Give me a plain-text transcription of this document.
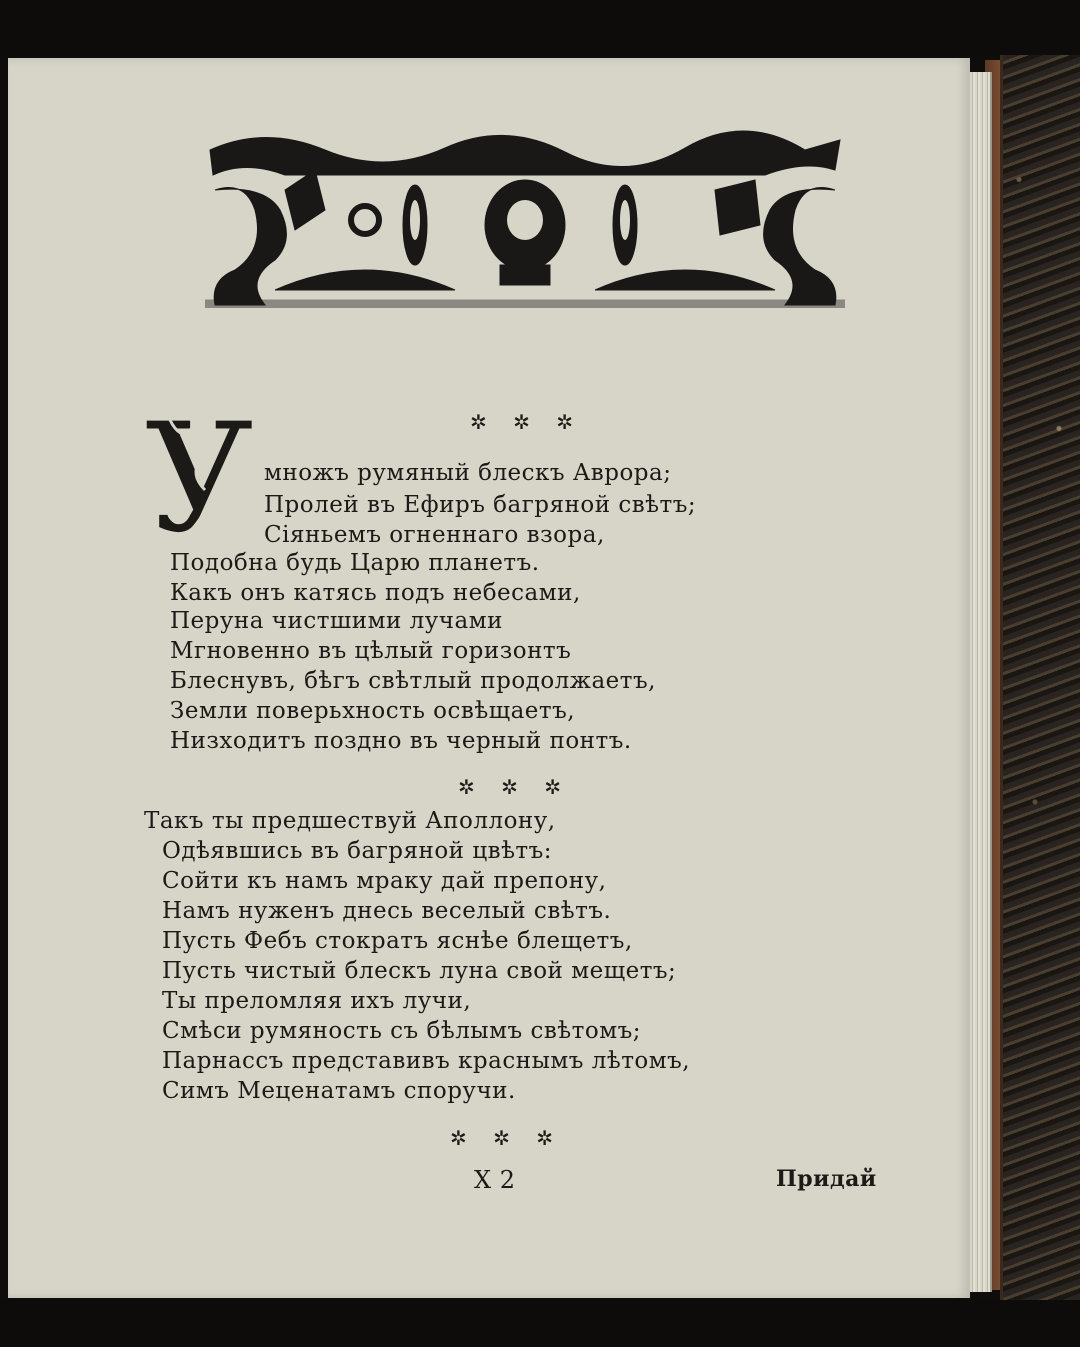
✲ ✲ ✲
У множъ румяный блескъ Аврора;
Пролей въ Ефиръ багряной свѣтъ;
Сіяньемъ огненнаго взора,
Подобна будь Царю планетъ.
Какъ онъ катясь подъ небесами,
Перуна чистшими лучами
Мгновенно въ цѣлый горизонтъ
Блеснувъ, бѣгъ свѣтлый продолжаетъ,
Земли поверьхность освѣщаетъ,
Низходитъ поздно въ черный понтъ.
✲ ✲ ✲
Такъ ты предшествуй Аполлону,
Одѣявшись въ багряной цвѣтъ:
Сойти къ намъ мраку дай препону,
Намъ нуженъ днесь веселый свѣтъ.
Пусть Фебъ стократъ яснѣе блещетъ,
Пусть чистый блескъ луна свой мещетъ;
Ты преломляя ихъ лучи,
Смѣси румяность съ бѣлымъ свѣтомъ;
Парнассъ представивъ краснымъ лѣтомъ,
Симъ Меценатамъ споручи.
✲ ✲ ✲
Х 2	Придай
